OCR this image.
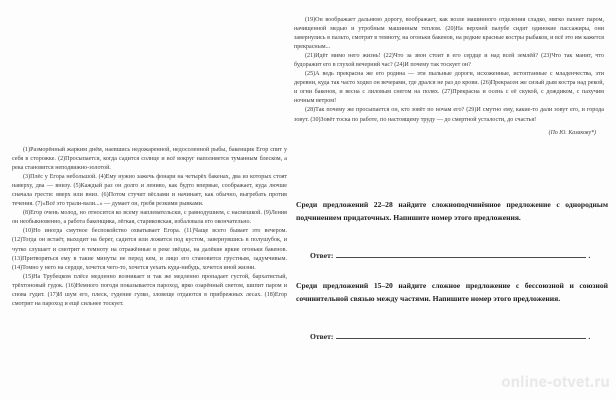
(1)Разморённый жарким днём, наевшись недожаренной, недосоленной рыбы, бакенщик Егор спит у себя в сторожке. (2)Просыпается, когда садится солнце и всё вокруг наполняется туманным блеском, а река становится неподвижно-золотой.

(3)Плёс у Егора небольшой. (4)Ему нужно зажечь фонари на четырёх бакенах, два из которых стоят наверху, два — внизу. (5)Каждый раз он долго и лениво, как будто впервые, соображает, куда лючше сначала грести: вверх или вниз. (6)Потом стучит вёслами и начинает, как обычно, выгребать против течения. (7)«Всё это трали-вали...» — думает он, гребя резкими рывками.

(8)Егор очень молод, но относится ко всему наплевательски, с равнодушием, с насмешкой. (9)Ленив он необыкновенно, а работа бакенщика, лёгкая, стариковская, избаловала его окончательно.

(10)Но иногда смутное беспокойство охватывает Егора. (11)Чаще всего бывает это вечером. (12)Тогда он встаёт, выходит на берег, садится или ложится под кустом, завернувшись в полушубок, и чутко слушает и смотрит в темноту на отражённые в реке звёзды, на далёкие яркие огоньки бакенов. (13)Притворяться ему в такие минуты не перед кем, и лицо его становится грустным, задумчивым. (14)Томно у него на сердце, хочется чего-то, хочется уехать куда-нибудь, хочется иной жизни.

(15)На Трубецком плёсе медленно возникает и так же медленно пропадает густой, бархатистый, трёхтоновый гудок. (16)Немного погодя показывается пароход, ярко озарённый светом, шипит паром и снова гудит. (17)И шум его, плеск, гудение гулко, зловеще отдаются в прибрежных лесах. (18)Егор смотрит на пароход и ещё сильнее тоскует.

(19)Он воображает дальнюю дорогу, воображает, как возле машинного отделения сладко, мягко пахнет паром, начищенной медью и утробным машинным теплом. (20)На верхней палубе сидят одинокие пассажиры, они завернулись в пальто, смотрят в темноту, на огоньки бакенов, на редкие красные костры рыбаков, и всё это им кажется прекрасным...

(21)Идёт мимо него жизнь! (22)Что за звон стоит в его сердце и над всей землёй? (23)Что так манит, что будоражит его в глухой вечерний час? (24)И почему так тоскует он?

(25)А ведь прекрасна же его родина — эти пыльные дороги, исхоженные, истоптанные с младенчества, эти деревни, куда так часто ходил он вечерами, где дрался не раз до крови. (26)Прекрасен же сизый дым костра над рекой, и огни бакенов, и весна с лиловым снегом на полях. (27)Прекрасна и осень с её скукой, с дождиком, с пахучим ночным ветром!

(28)Так почему же просыпается он, кто зовёт по ночам его? (29)И смутно ему, какие-то дали зовут его, и города зовут. (30)Зовёт тоска по работе, по настоящему труду — до смертной усталости, до счастья!

(По Ю. Казакову*)
Среди предложений 22–28 найдите сложноподчинённое предложение с однородным подчинением придаточных. Напишите номер этого предложения.
Ответ:	.
Среди предложений 15–20 найдите сложное предложение с бессоюзной и союзной сочинительной связью между частями. Напишите номер этого предложения.
Ответ:	.
online-otvet.ru
